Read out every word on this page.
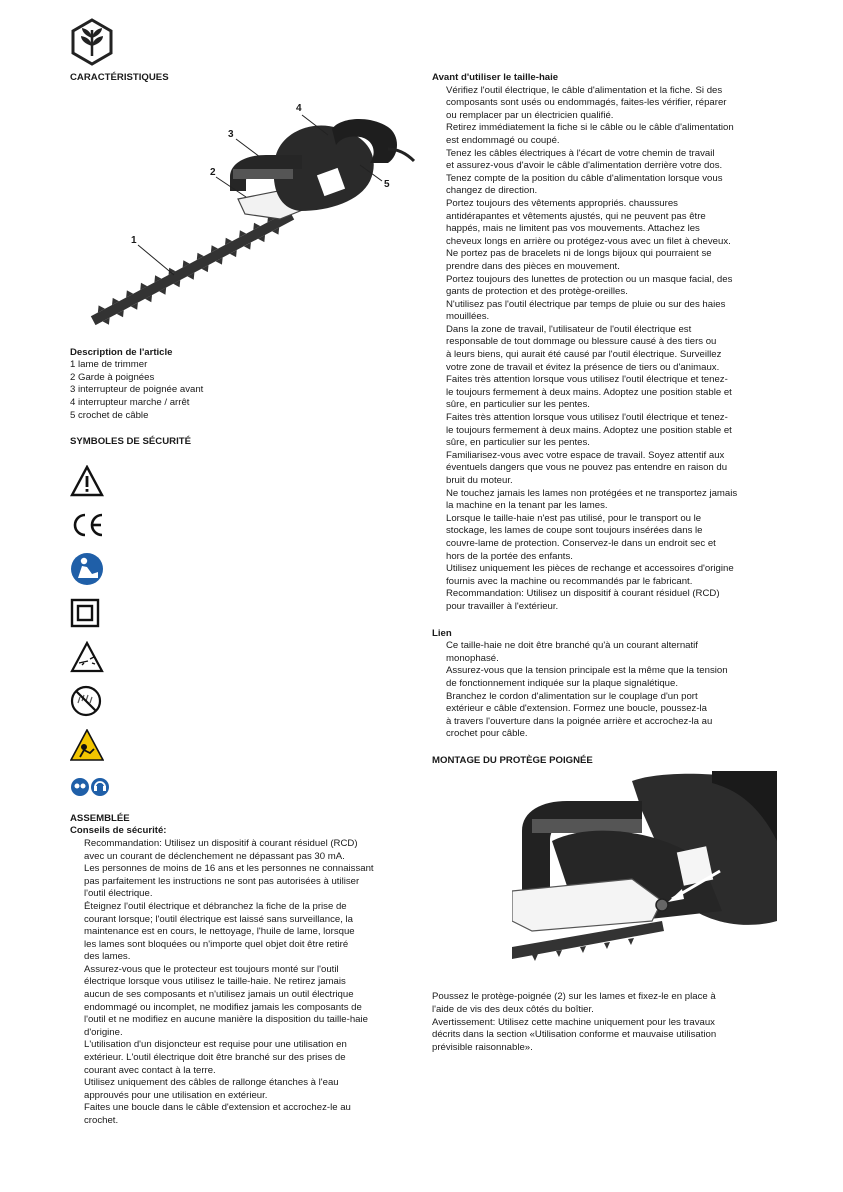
CARACTÉRISTIQUES

1
2
3
4
5

Description de l'article

1 lame de trimmer

2 Garde à poignées

3 interrupteur de poignée avant

4 interrupteur marche / arrêt

5 crochet de câble

SYMBOLES DE SÉCURITÉ

ASSEMBLÉE

Conseils de sécurité:

Recommandation: Utilisez un dispositif à courant résiduel (RCD)

avec un courant de déclenchement ne dépassant pas 30 mA.

Les personnes de moins de 16 ans et les personnes ne connaissant

pas parfaitement les instructions ne sont pas autorisées à utiliser

l'outil électrique.

Éteignez l'outil électrique et débranchez la fiche de la prise de

courant lorsque; l'outil électrique est laissé sans surveillance, la

maintenance est en cours, le nettoyage, l'huile de lame, lorsque

les lames sont bloquées ou n'importe quel objet doit être retiré

des lames.

Assurez-vous que le protecteur est toujours monté sur l'outil

électrique lorsque vous utilisez le taille-haie. Ne retirez jamais

aucun de ses composants et n'utilisez jamais un outil électrique

endommagé ou incomplet, ne modifiez jamais les composants de

l'outil et ne modifiez en aucune manière la disposition du taille-haie

d'origine.

L'utilisation d'un disjoncteur est requise pour une utilisation en

extérieur. L'outil électrique doit être branché sur des prises de

courant avec contact à la terre.

Utilisez uniquement des câbles de rallonge étanches à l'eau

approuvés pour une utilisation en extérieur.

Faites une boucle dans le câble d'extension et accrochez-le au

crochet.

Avant d'utiliser le taille-haie

Vérifiez l'outil électrique, le câble d'alimentation et la fiche. Si des

composants sont usés ou endommagés, faites-les vérifier, réparer

ou remplacer par un électricien qualifié.

Retirez immédiatement la fiche si le câble ou le câble d'alimentation

est endommagé ou coupé.

Tenez les câbles électriques à l'écart de votre chemin de travail

et assurez-vous d'avoir le câble d'alimentation derrière votre dos.

Tenez compte de la position du câble d'alimentation lorsque vous

changez de direction.

Portez toujours des vêtements appropriés. chaussures

antidérapantes et vêtements ajustés, qui ne peuvent pas être

happés, mais ne limitent pas vos mouvements. Attachez les

cheveux longs en arrière ou protégez-vous avec un filet à cheveux.

Ne portez pas de bracelets ni de longs bijoux qui pourraient se

prendre dans des pièces en mouvement.

Portez toujours des lunettes de protection ou un masque facial, des

gants de protection et des protège-oreilles.

N'utilisez pas l'outil électrique par temps de pluie ou sur des haies

mouillées.

Dans la zone de travail, l'utilisateur de l'outil électrique est

responsable de tout dommage ou blessure causé à des tiers ou

à leurs biens, qui aurait été causé par l'outil électrique. Surveillez

votre zone de travail et évitez la présence de tiers ou d'animaux.

Faites très attention lorsque vous utilisez l'outil électrique et tenez-

le toujours fermement à deux mains. Adoptez une position stable et

sûre, en particulier sur les pentes.

Faites très attention lorsque vous utilisez l'outil électrique et tenez-

le toujours fermement à deux mains. Adoptez une position stable et

sûre, en particulier sur les pentes.

Familiarisez-vous avec votre espace de travail. Soyez attentif aux

éventuels dangers que vous ne pouvez pas entendre en raison du

bruit du moteur.

Ne touchez jamais les lames non protégées et ne transportez jamais

la machine en la tenant par les lames.

Lorsque le taille-haie n'est pas utilisé, pour le transport ou le

stockage, les lames de coupe sont toujours insérées dans le

couvre-lame de protection. Conservez-le dans un endroit sec et

hors de la portée des enfants.

Utilisez uniquement les pièces de rechange et accessoires d'origine

fournis avec la machine ou recommandés par le fabricant.

Recommandation: Utilisez un dispositif à courant résiduel (RCD)

pour travailler à l'extérieur.

Lien

Ce taille-haie ne doit être branché qu'à un courant alternatif

monophasé.

Assurez-vous que la tension principale est la même que la tension

de fonctionnement indiquée sur la plaque signalétique.

Branchez le cordon d'alimentation sur le couplage d'un port

extérieur e câble d'extension. Formez une boucle, poussez-la

à travers l'ouverture dans la poignée arrière et accrochez-la au

crochet pour câble.

MONTAGE DU PROTÈGE POIGNÉE

Poussez le protège-poignée (2) sur les lames et fixez-le en place à

l'aide de vis des deux côtés du boîtier.

Avertissement: Utilisez cette machine uniquement pour les travaux

décrits dans la section «Utilisation conforme et mauvaise utilisation

prévisible raisonnable».
